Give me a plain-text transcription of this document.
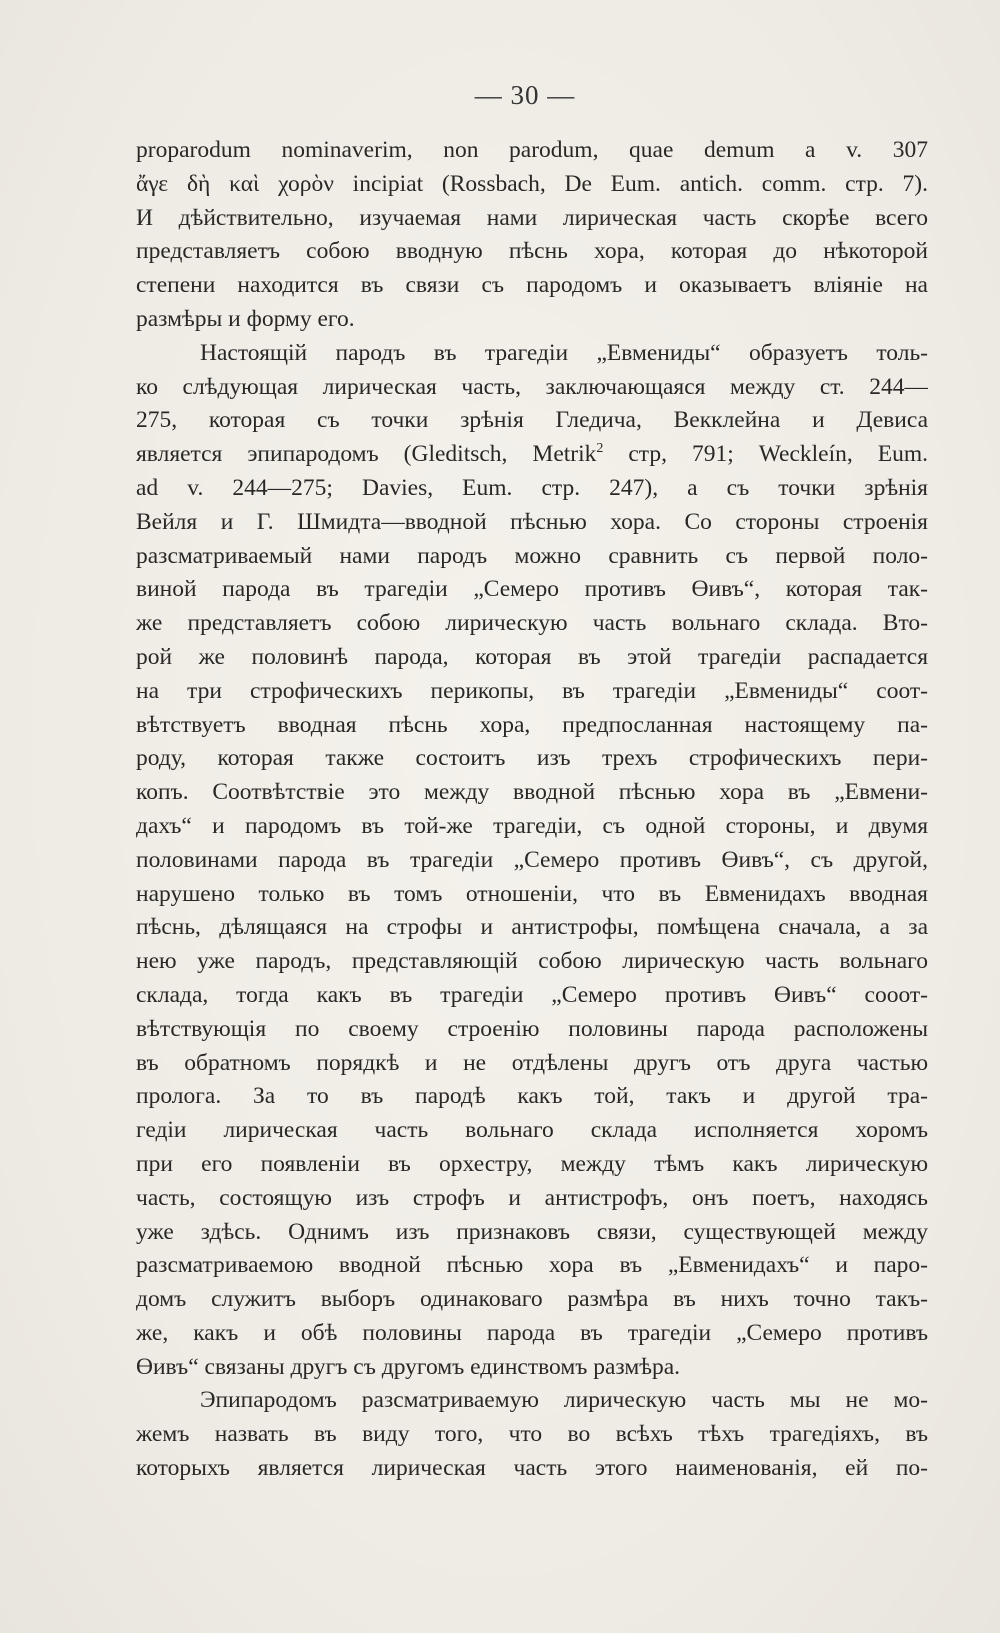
— 30 —
proparodum nominaverim, non parodum, quae demum a v. 307
ἄγε δὴ καὶ χορὸν incipiat (Rossbach, De Eum. antich. comm. стр. 7).
И дѣйствительно, изучаемая нами лирическая часть скорѣе всего
представляетъ собою вводную пѣснь хора, которая до нѣкоторой
степени находится въ связи съ пародомъ и оказываетъ вліяніе на
размѣры и форму его.
Настоящій пародъ въ трагедіи „Евмениды“ образуетъ толь-
ко слѣдующая лирическая часть, заключающаяся между ст. 244—
275, которая съ точки зрѣнія Гледича, Векклейна и Девиса
является эпипародомъ (Gleditsch, Metrik$^2$ стр, 791; Weckleín, Eum.
ad v. 244—275; Davies, Eum. стр. 247), а съ точки зрѣнія
Вейля и Г. Шмидта—вводной пѣснью хора. Со стороны строенія
разсматриваемый нами пародъ можно сравнить съ первой поло-
виной парода въ трагедіи „Семеро противъ Өивъ“, которая так-
же представляетъ собою лирическую часть вольнаго склада. Вто-
рой же половинѣ парода, которая въ этой трагедіи распадается
на три строфическихъ перикопы, въ трагедіи „Евмениды“ соот-
вѣтствуетъ вводная пѣснь хора, предпосланная настоящему па-
роду, которая также состоитъ изъ трехъ строфическихъ пери-
копъ. Соотвѣтствіе это между вводной пѣснью хора въ „Евмени-
дахъ“ и пародомъ въ той-же трагедіи, съ одной стороны, и двумя
половинами парода въ трагедіи „Семеро противъ Өивъ“, съ другой,
нарушено только въ томъ отношеніи, что въ Евменидахъ вводная
пѣснь, дѣлящаяся на строфы и антистрофы, помѣщена сначала, а за
нею уже пародъ, представляющій собою лирическую часть вольнаго
склада, тогда какъ въ трагедіи „Семеро противъ Өивъ“ сооот-
вѣтствующія по своему строенію половины парода расположены
въ обратномъ порядкѣ и не отдѣлены другъ отъ друга частью
пролога. За то въ пародѣ какъ той, такъ и другой тра-
гедіи лирическая часть вольнаго склада исполняется хоромъ
при его появленіи въ орхестру, между тѣмъ какъ лирическую
часть, состоящую изъ строфъ и антистрофъ, онъ поетъ, находясь
уже здѣсь. Однимъ изъ признаковъ связи, существующей между
разсматриваемою вводной пѣснью хора въ „Евменидахъ“ и паро-
домъ служитъ выборъ одинаковаго размѣра въ нихъ точно такъ-
же, какъ и обѣ половины парода въ трагедіи „Семеро противъ
Өивъ“ связаны другъ съ другомъ единствомъ размѣра.
Эпипародомъ разсматриваемую лирическую часть мы не мо-
жемъ назвать въ виду того, что во всѣхъ тѣхъ трагедіяхъ, въ
которыхъ является лирическая часть этого наименованія, ей по-
